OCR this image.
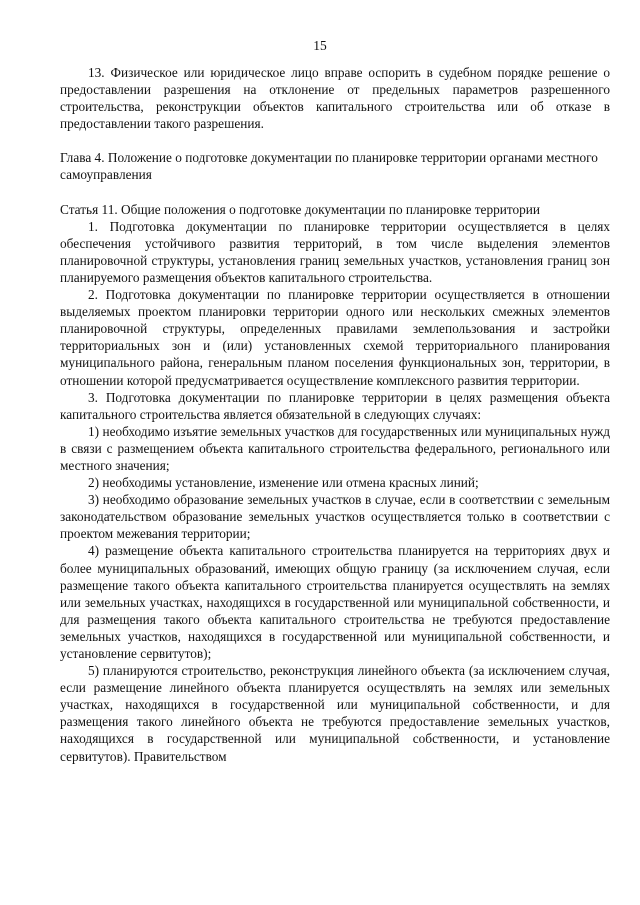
15

13. Физическое или юридическое лицо вправе оспорить в судебном порядке решение о предоставлении разрешения на отклонение от предельных параметров разрешенного строительства, реконструкции объектов капитального строительства или об отказе в предоставлении такого разрешения.

Глава 4. Положение о подготовке документации по планировке территории органами местного самоуправления

Статья 11. Общие положения о подготовке документации по планировке территории

1. Подготовка документации по планировке территории осуществляется в целях обеспечения устойчивого развития территорий, в том числе выделения элементов планировочной структуры, установления границ земельных участков, установления границ зон планируемого размещения объектов капитального строительства.

2. Подготовка документации по планировке территории осуществляется в отношении выделяемых проектом планировки территории одного или нескольких смежных элементов планировочной структуры, определенных правилами землепользования и застройки территориальных зон и (или) установленных схемой территориального планирования муниципального района, генеральным планом поселения функциональных зон, территории, в отношении которой предусматривается осуществление комплексного развития территории.

3. Подготовка документации по планировке территории в целях размещения объекта капитального строительства является обязательной в следующих случаях:

1) необходимо изъятие земельных участков для государственных или муниципальных нужд в связи с размещением объекта капитального строительства федерального, регионального или местного значения;

2) необходимы установление, изменение или отмена красных линий;

3) необходимо образование земельных участков в случае, если в соответствии с земельным законодательством образование земельных участков осуществляется только в соответствии с проектом межевания территории;

4) размещение объекта капитального строительства планируется на территориях двух и более муниципальных образований, имеющих общую границу (за исключением случая, если размещение такого объекта капитального строительства планируется осуществлять на землях или земельных участках, находящихся в государственной или муниципальной собственности, и для размещения такого объекта капитального строительства не требуются предоставление земельных участков, находящихся в государственной или муниципальной собственности, и установление сервитутов);

5) планируются строительство, реконструкция линейного объекта (за исключением случая, если размещение линейного объекта планируется осуществлять на землях или земельных участках, находящихся в государственной или муниципальной собственности, и для размещения такого линейного объекта не требуются предоставление земельных участков, находящихся в государственной или муниципальной собственности, и установление сервитутов). Правительством
